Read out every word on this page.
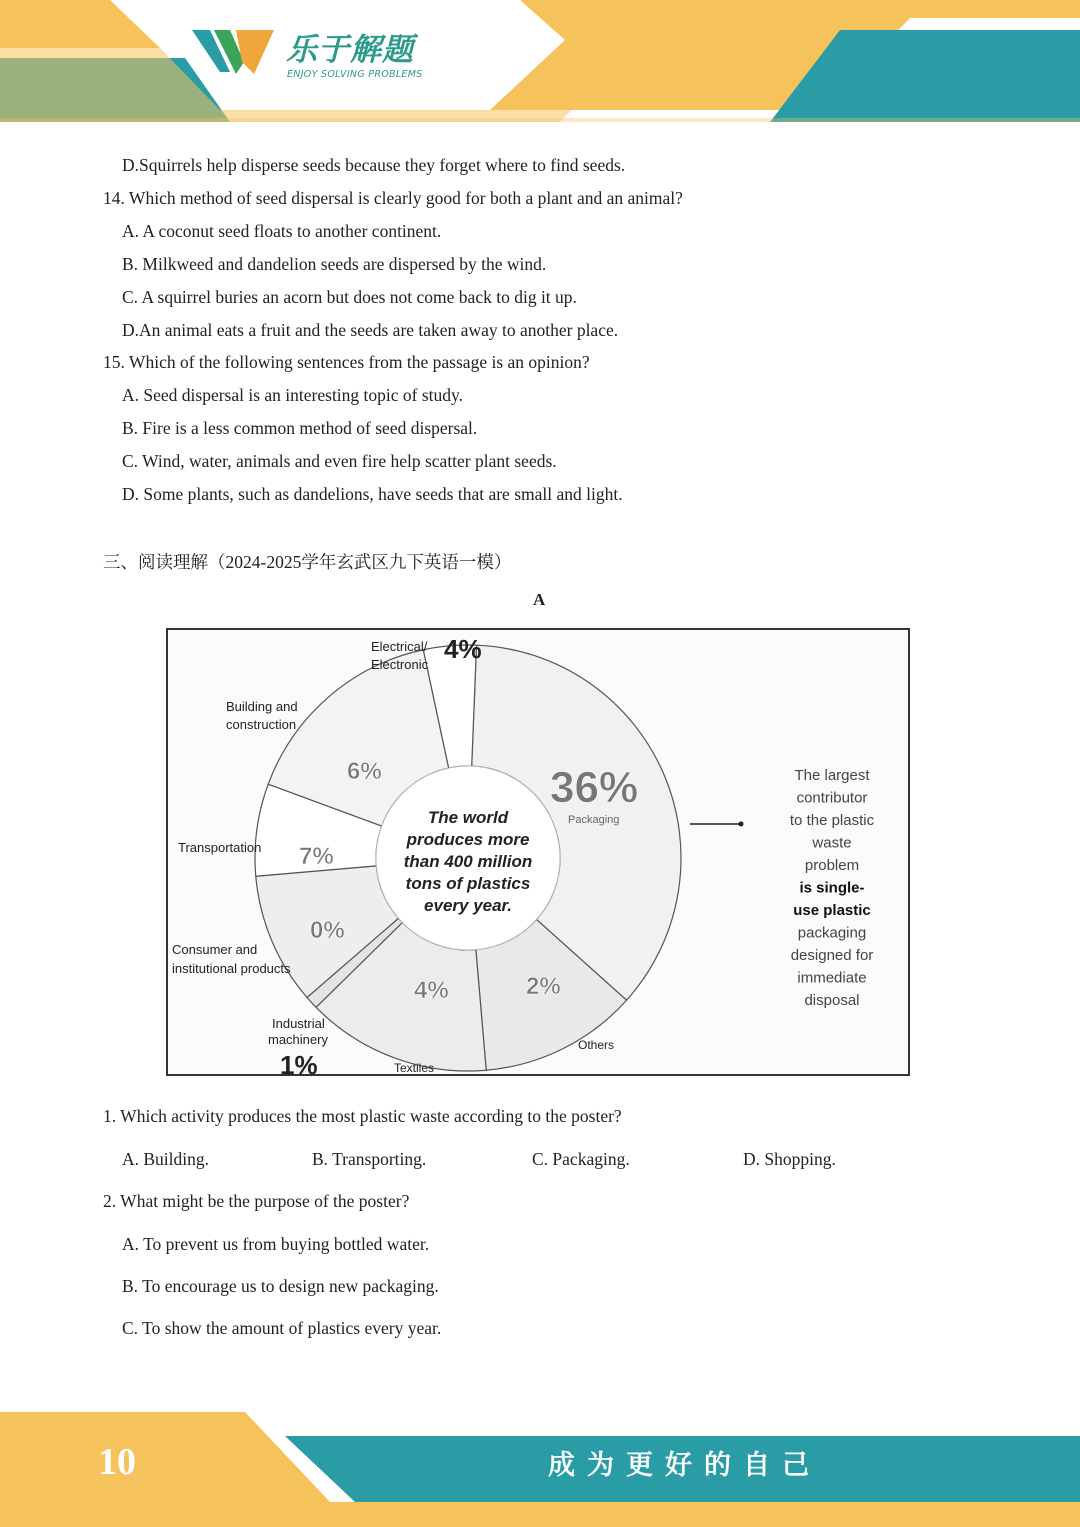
乐于解题
ENJOY SOLVING PROBLEMS
D.Squirrels help disperse seeds because they forget where to find seeds.
14. Which method of seed dispersal is clearly good for both a plant and an animal?
A. A coconut seed floats to another continent.
B. Milkweed and dandelion seeds are dispersed by the wind.
C. A squirrel buries an acorn but does not come back to dig it up.
D.An animal eats a fruit and the seeds are taken away to another place.
15. Which of the following sentences from the passage is an opinion?
A. Seed dispersal is an interesting topic of study.
B. Fire is a less common method of seed dispersal.
C. Wind, water, animals and even fire help scatter plant seeds.
D. Some plants, such as dandelions, have seeds that are small and light.
三、阅读理解（2024-2025学年玄武区九下英语一模）
A
The world
produces more
than 400 million
tons of plastics
every year.
36%
2%
4%
0%
7%
6%
Packaging
Electrical/
Electronic
Building and
construction
Transportation
Consumer and
institutional products
Industrial
machinery
Textiles
Others
4%
1%
The largest
contributor
to the plastic
waste
problem
is single-
use plastic
packaging
designed for
immediate
disposal
1. Which activity produces the most plastic waste according to the poster?
A. Building.	B. Transporting.	C. Packaging.	D. Shopping.
2. What might be the purpose of the poster?
A. To prevent us from buying bottled water.
B. To encourage us to design new packaging.
C. To show the amount of plastics every year.
10	成为更好的自己
